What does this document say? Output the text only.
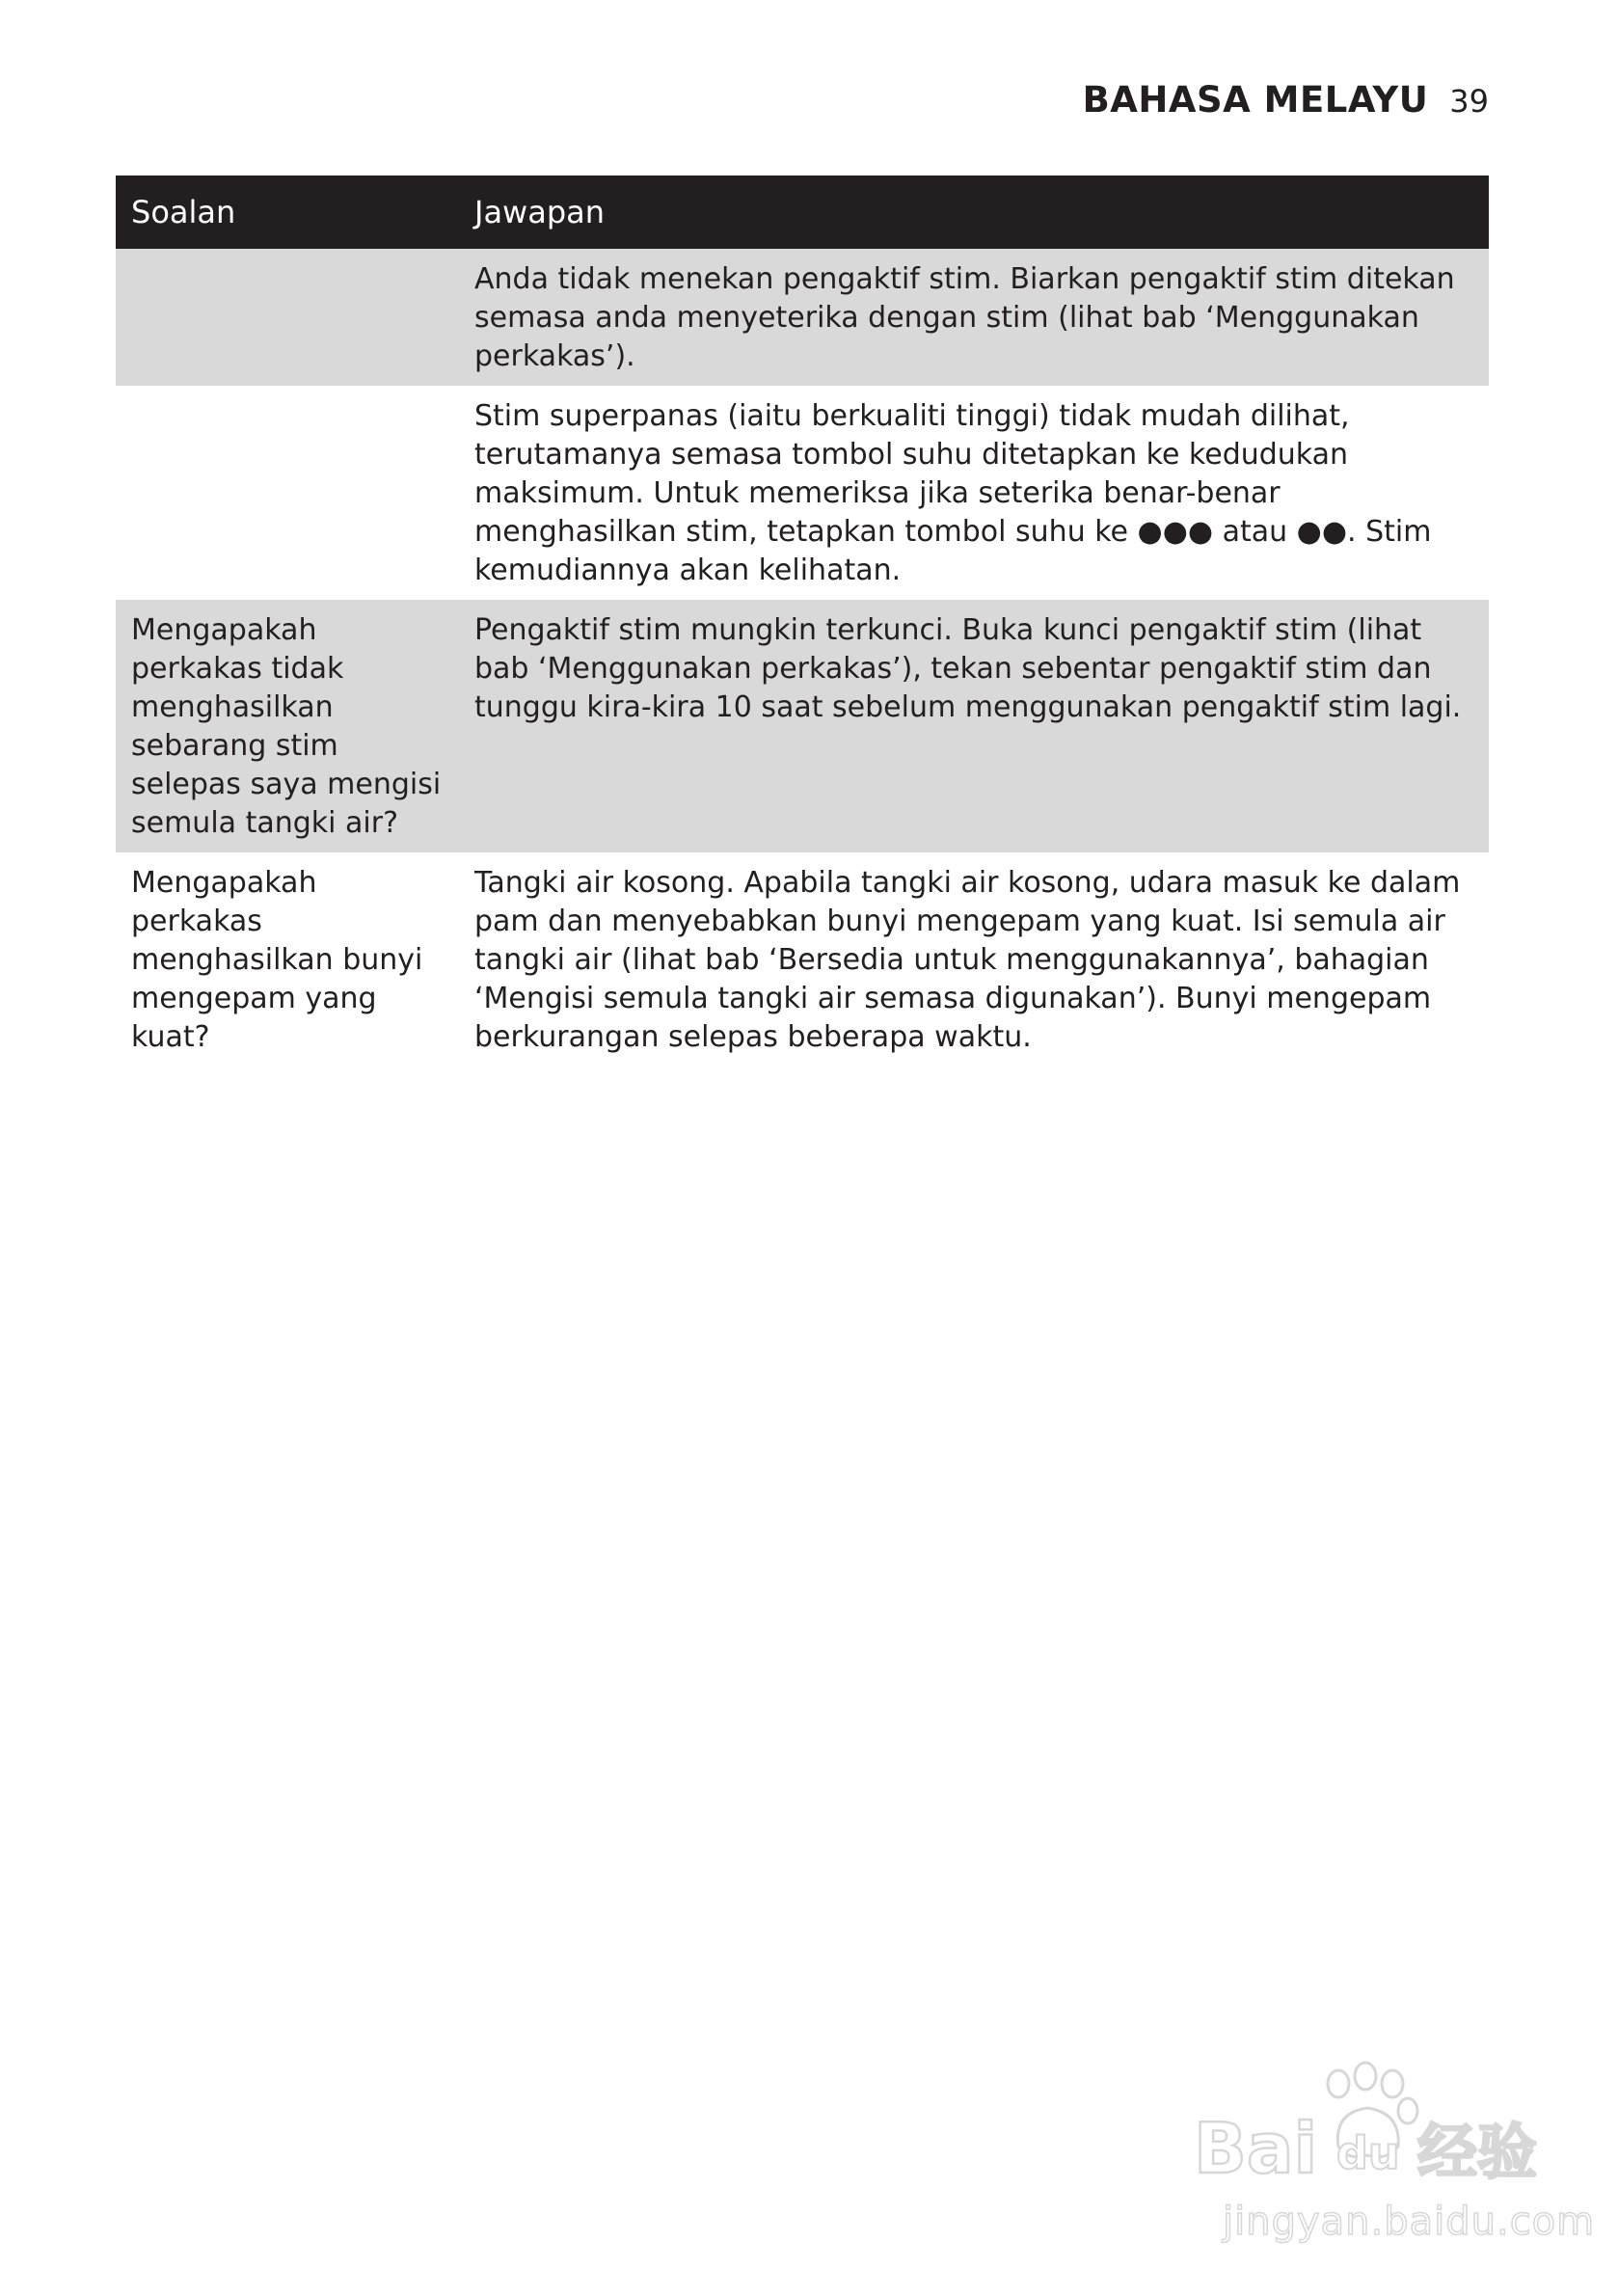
BAHASA MELAYU 39
Soalan	Jawapan
	Anda tidak menekan pengaktif stim. Biarkan pengaktif stim ditekan semasa anda menyeterika dengan stim (lihat bab ‘Menggunakan perkakas’).
	Stim superpanas (iaitu berkualiti tinggi) tidak mudah dilihat, terutamanya semasa tombol suhu ditetapkan ke kedudukan maksimum. Untuk memeriksa jika seterika benar-benar menghasilkan stim, tetapkan tombol suhu ke ●●● atau ●●. Stim kemudiannya akan kelihatan.
Mengapakah perkakas tidak menghasilkan sebarang stim selepas saya mengisi semula tangki air?	Pengaktif stim mungkin terkunci. Buka kunci pengaktif stim (lihat bab ‘Menggunakan perkakas’), tekan sebentar pengaktif stim dan tunggu kira-kira 10 saat sebelum menggunakan pengaktif stim lagi.
Mengapakah perkakas menghasilkan bunyi mengepam yang kuat?	Tangki air kosong. Apabila tangki air kosong, udara masuk ke dalam pam dan menyebabkan bunyi mengepam yang kuat. Isi semula air tangki air (lihat bab ‘Bersedia untuk menggunakannya’, bahagian ‘Mengisi semula tangki air semasa digunakan’). Bunyi mengepam berkurangan selepas beberapa waktu.
Bai du 经验
jingyan.baidu.com
